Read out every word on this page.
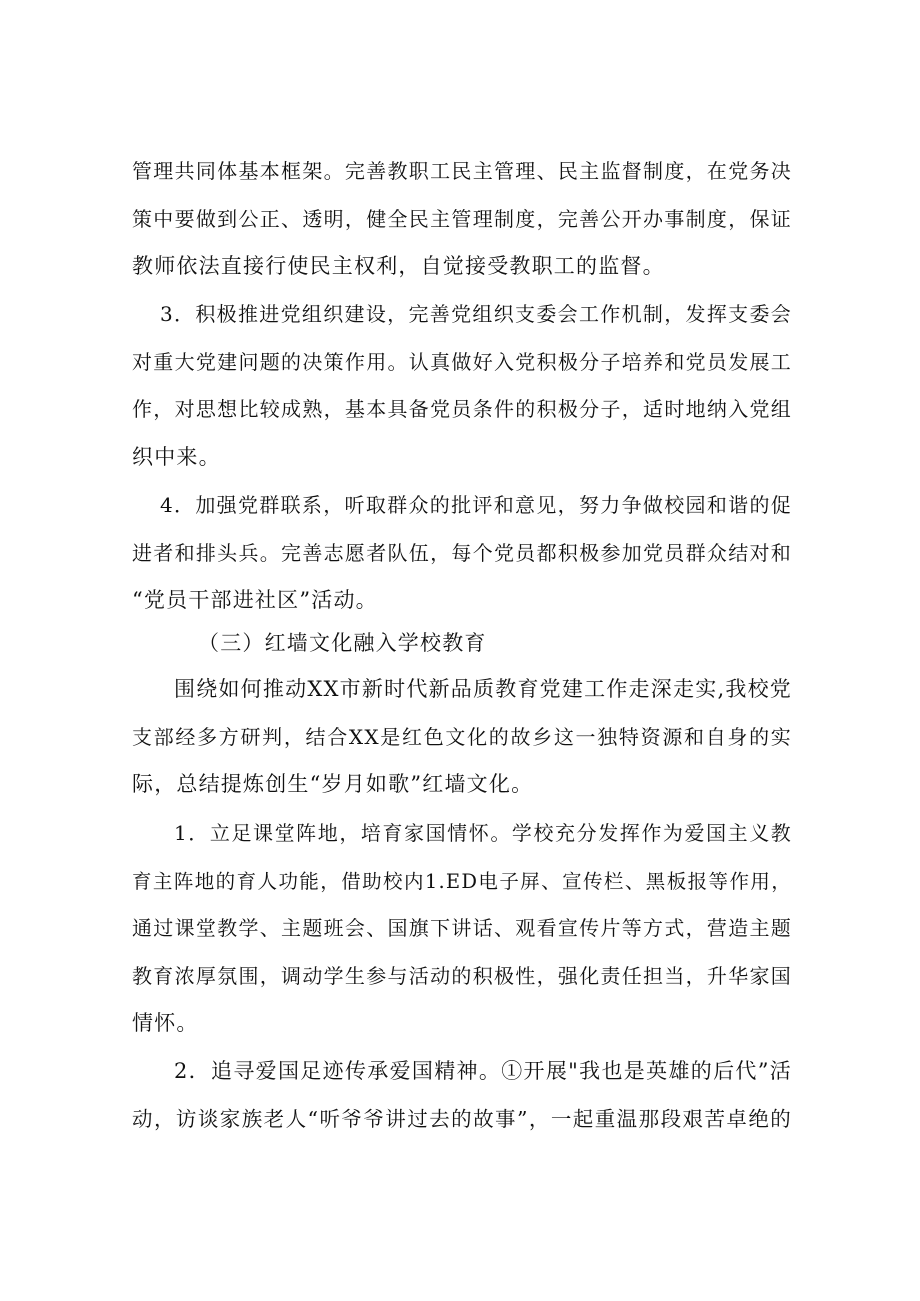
管理共同体基本框架。完善教职工民主管理、民主监督制度，在党务决
策中要做到公正、透明，健全民主管理制度，完善公开办事制度，保证
教师依法直接行使民主权利，自觉接受教职工的监督。
3．积极推进党组织建设，完善党组织支委会工作机制，发挥支委会
对重大党建问题的决策作用。认真做好入党积极分子培养和党员发展工
作，对思想比较成熟，基本具备党员条件的积极分子，适时地纳入党组
织中来。
4．加强党群联系，听取群众的批评和意见，努力争做校园和谐的促
进者和排头兵。完善志愿者队伍，每个党员都积极参加党员群众结对和
“党员干部进社区”活动。

（三）红墙文化融入学校教育

围绕如何推动XX市新时代新品质教育党建工作走深走实,我校党
支部经多方研判，结合XX是红色文化的故乡这一独特资源和自身的实
际，总结提炼创生“岁月如歌”红墙文化。
1．立足课堂阵地，培育家国情怀。学校充分发挥作为爱国主义教
育主阵地的育人功能，借助校内1.ED电子屏、宣传栏、黑板报等作用，
通过课堂教学、主题班会、国旗下讲话、观看宣传片等方式，营造主题
教育浓厚氛围，调动学生参与活动的积极性，强化责任担当，升华家国
情怀。
2．追寻爱国足迹传承爱国精神。①开展"我也是英雄的后代”活
动，访谈家族老人“听爷爷讲过去的故事”，一起重温那段艰苦卓绝的
